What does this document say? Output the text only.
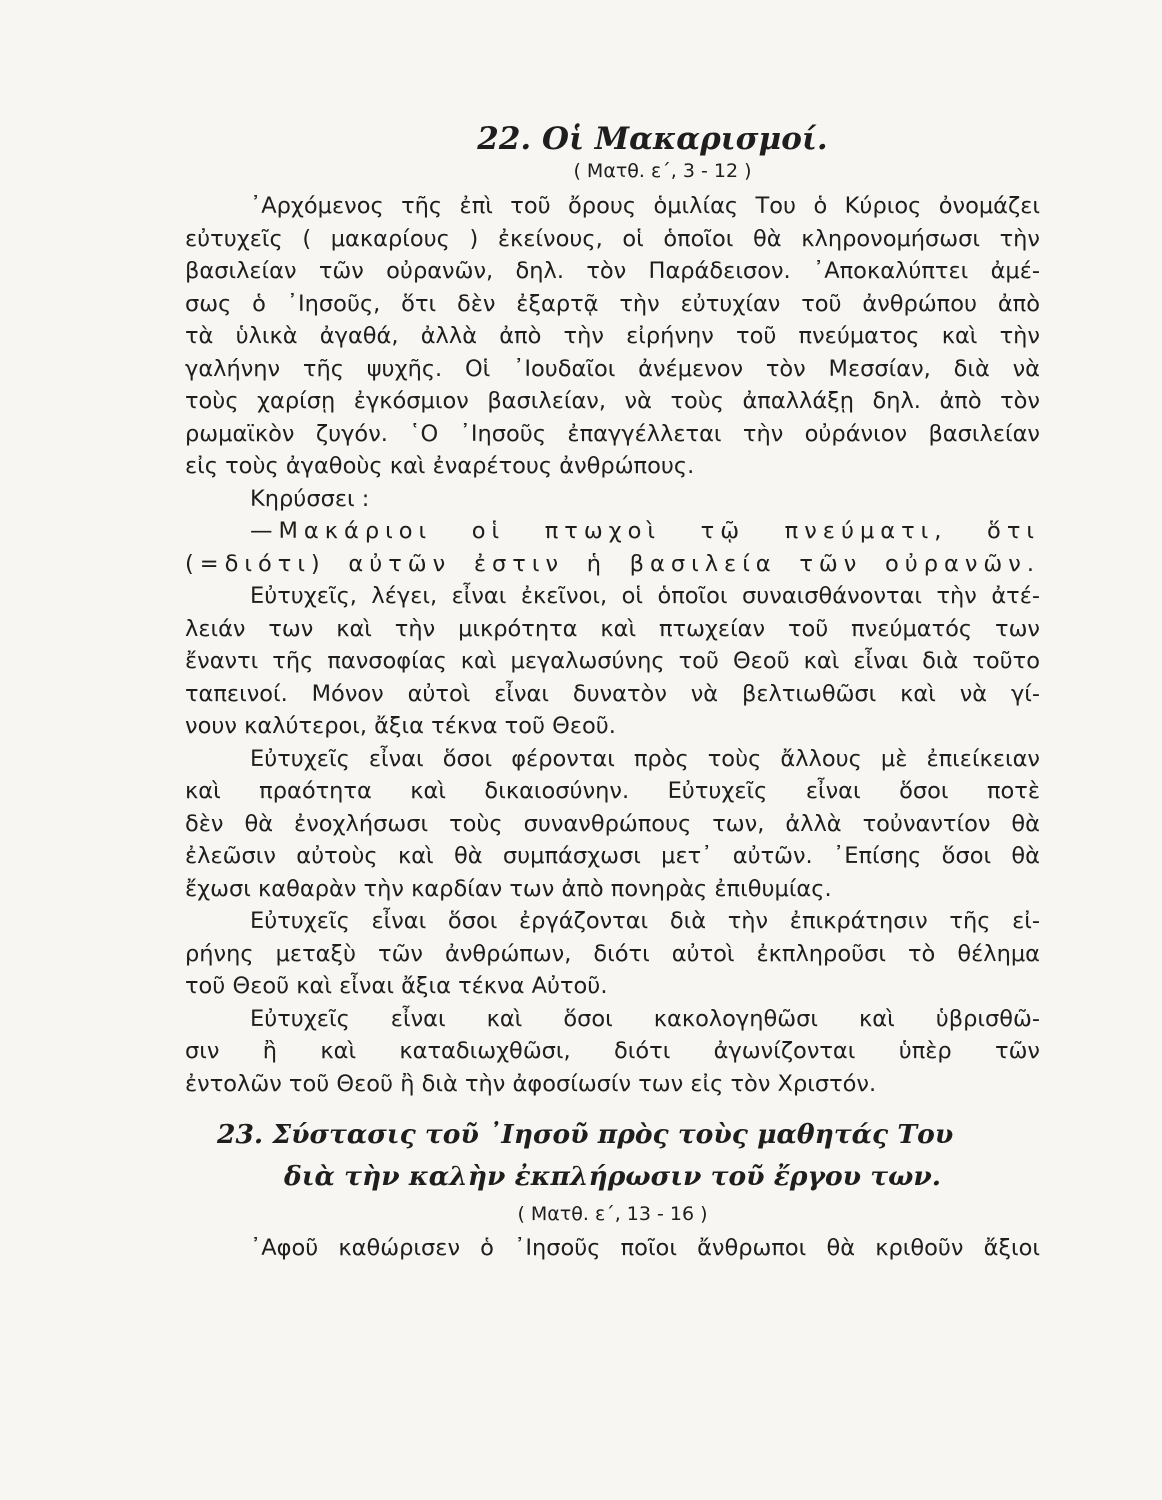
22. Οἱ Μακαρισμοί.

( Ματθ. ε΄, 3 - 12 )

᾿Αρχόμενος τῆς ἐπὶ τοῦ ὄρους ὁμιλίας Του ὁ Κύριος ὀνομάζει
εὐτυχεῖς ( μακαρίους ) ἐκείνους, οἱ ὁποῖοι θὰ κληρονομήσωσι τὴν
βασιλείαν τῶν οὐρανῶν, δηλ. τὸν Παράδεισον. ᾿Αποκαλύπτει ἀμέ-
σως ὁ ᾿Ιησοῦς, ὅτι δὲν ἐξαρτᾷ τὴν εὐτυχίαν τοῦ ἀνθρώπου ἀπὸ
τὰ ὑλικὰ ἀγαθά, ἀλλὰ ἀπὸ τὴν εἰρήνην τοῦ πνεύματος καὶ τὴν
γαλήνην τῆς ψυχῆς. Οἱ ᾿Ιουδαῖοι ἀνέμενον τὸν Μεσσίαν, διὰ νὰ
τοὺς χαρίσῃ ἐγκόσμιον βασιλείαν, νὰ τοὺς ἀπαλλάξῃ δηλ. ἀπὸ τὸν
ρωμαϊκὸν ζυγόν. ῾Ο ᾿Ιησοῦς ἐπαγγέλλεται τὴν οὐράνιον βασιλείαν
εἰς τοὺς ἀγαθοὺς καὶ ἐναρέτους ἀνθρώπους.
Κηρύσσει :
—Μακάριοι οἱ πτωχοὶ τῷ πνεύματι, ὅτι
(=διότι) αὐτῶν ἐστιν ἡ βασιλεία τῶν οὐρανῶν.
Εὐτυχεῖς, λέγει, εἶναι ἐκεῖνοι, οἱ ὁποῖοι συναισθάνονται τὴν ἀτέ-
λειάν των καὶ τὴν μικρότητα καὶ πτωχείαν τοῦ πνεύματός των
ἔναντι τῆς πανσοφίας καὶ μεγαλωσύνης τοῦ Θεοῦ καὶ εἶναι διὰ τοῦτο
ταπεινοί. Μόνον αὐτοὶ εἶναι δυνατὸν νὰ βελτιωθῶσι καὶ νὰ γί-
νουν καλύτεροι, ἄξια τέκνα τοῦ Θεοῦ.
Εὐτυχεῖς εἶναι ὅσοι φέρονται πρὸς τοὺς ἄλλους μὲ ἐπιείκειαν
καὶ πραότητα καὶ δικαιοσύνην. Εὐτυχεῖς εἶναι ὅσοι ποτὲ
δὲν θὰ ἐνοχλήσωσι τοὺς συνανθρώπους των, ἀλλὰ τοὐναντίον θὰ
ἐλεῶσιν αὐτοὺς καὶ θὰ συμπάσχωσι μετ᾿ αὐτῶν. ᾿Επίσης ὅσοι θὰ
ἔχωσι καθαρὰν τὴν καρδίαν των ἀπὸ πονηρὰς ἐπιθυμίας.
Εὐτυχεῖς εἶναι ὅσοι ἐργάζονται διὰ τὴν ἐπικράτησιν τῆς εἰ-
ρήνης μεταξὺ τῶν ἀνθρώπων, διότι αὐτοὶ ἐκπληροῦσι τὸ θέλημα
τοῦ Θεοῦ καὶ εἶναι ἄξια τέκνα Αὐτοῦ.
Εὐτυχεῖς εἶναι καὶ ὅσοι κακολογηθῶσι καὶ ὑβρισθῶ-
σιν ἢ καὶ καταδιωχθῶσι, διότι ἀγωνίζονται ὑπὲρ τῶν
ἐντολῶν τοῦ Θεοῦ ἢ διὰ τὴν ἀφοσίωσίν των εἰς τὸν Χριστόν.
23. Σύστασις τοῦ ᾿Ιησοῦ πρὸς τοὺς μαθητάς Του
διὰ τὴν καλὴν ἐκπλήρωσιν τοῦ ἔργου των.

( Ματθ. ε΄, 13 - 16 )

᾿Αφοῦ καθώρισεν ὁ ᾿Ιησοῦς ποῖοι ἄνθρωποι θὰ κριθοῦν ἄξιοι
